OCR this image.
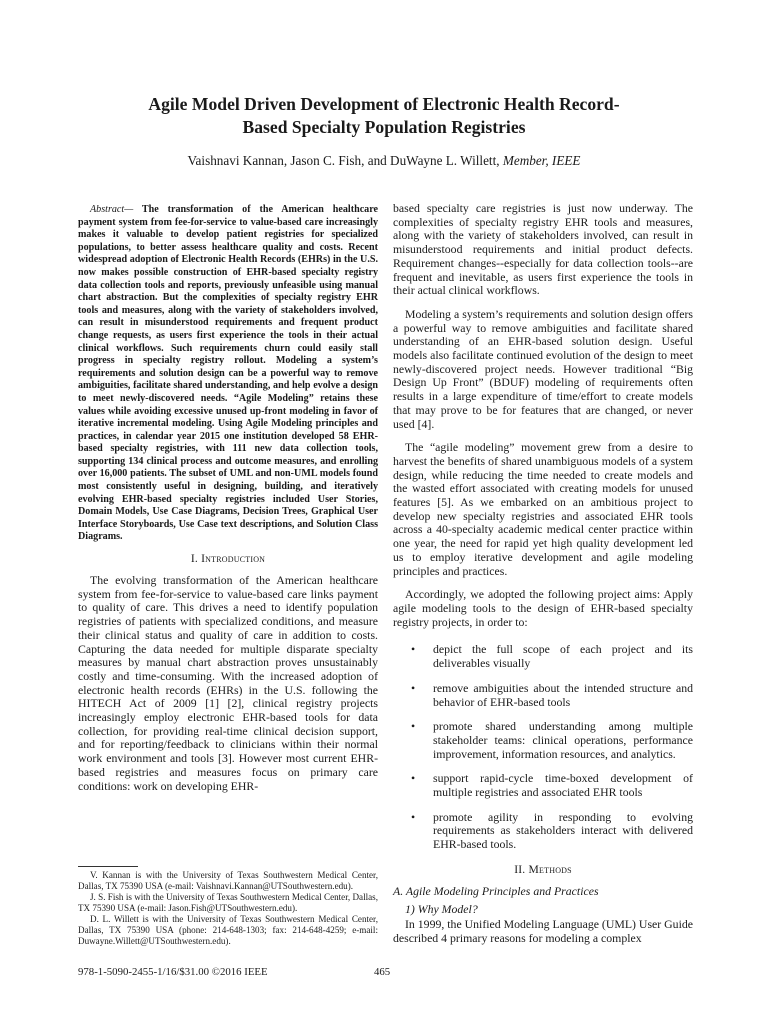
Agile Model Driven Development of Electronic Health Record-
Based Specialty Population Registries
Vaishnavi Kannan, Jason C. Fish, and DuWayne L. Willett, Member, IEEE

Abstract— The transformation of the American healthcare payment system from fee-for-service to value-based care increasingly makes it valuable to develop patient registries for specialized populations, to better assess healthcare quality and costs. Recent widespread adoption of Electronic Health Records (EHRs) in the U.S. now makes possible construction of EHR-based specialty registry data collection tools and reports, previously unfeasible using manual chart abstraction. But the complexities of specialty registry EHR tools and measures, along with the variety of stakeholders involved, can result in misunderstood requirements and frequent product change requests, as users first experience the tools in their actual clinical workflows. Such requirements churn could easily stall progress in specialty registry rollout. Modeling a system’s requirements and solution design can be a powerful way to remove ambiguities, facilitate shared understanding, and help evolve a design to meet newly-discovered needs. “Agile Modeling” retains these values while avoiding excessive unused up-front modeling in favor of iterative incremental modeling. Using Agile Modeling principles and practices, in calendar year 2015 one institution developed 58 EHR-based specialty registries, with 111 new data collection tools, supporting 134 clinical process and outcome measures, and enrolling over 16,000 patients. The subset of UML and non-UML models found most consistently useful in designing, building, and iteratively evolving EHR-based specialty registries included User Stories, Domain Models, Use Case Diagrams, Decision Trees, Graphical User Interface Storyboards, Use Case text descriptions, and Solution Class Diagrams.

I. Introduction

The evolving transformation of the American healthcare system from fee-for-service to value-based care links payment to quality of care. This drives a need to identify population registries of patients with specialized conditions, and measure their clinical status and quality of care in addition to costs. Capturing the data needed for multiple disparate specialty measures by manual chart abstraction proves unsustainably costly and time-consuming. With the increased adoption of electronic health records (EHRs) in the U.S. following the HITECH Act of 2009 [1] [2], clinical registry projects increasingly employ electronic EHR-based tools for data collection, for providing real-time clinical decision support, and for reporting/feedback to clinicians within their normal work environment and tools [3]. However most current EHR-based registries and measures focus on primary care conditions: work on developing EHR-

based specialty care registries is just now underway. The complexities of specialty registry EHR tools and measures, along with the variety of stakeholders involved, can result in misunderstood requirements and initial product defects. Requirement changes--especially for data collection tools--are frequent and inevitable, as users first experience the tools in their actual clinical workflows.

Modeling a system’s requirements and solution design offers a powerful way to remove ambiguities and facilitate shared understanding of an EHR-based solution design. Useful models also facilitate continued evolution of the design to meet newly-discovered project needs. However traditional “Big Design Up Front” (BDUF) modeling of requirements often results in a large expenditure of time/effort to create models that may prove to be for features that are changed, or never used [4].

The “agile modeling” movement grew from a desire to harvest the benefits of shared unambiguous models of a system design, while reducing the time needed to create models and the wasted effort associated with creating models for unused features [5]. As we embarked on an ambitious project to develop new specialty registries and associated EHR tools across a 40-specialty academic medical center practice within one year, the need for rapid yet high quality development led us to employ iterative development and agile modeling principles and practices.

Accordingly, we adopted the following project aims: Apply agile modeling tools to the design of EHR-based specialty registry projects, in order to:

• depict the full scope of each project and its deliverables visually
• remove ambiguities about the intended structure and behavior of EHR-based tools
• promote shared understanding among multiple stakeholder teams: clinical operations, performance improvement, information resources, and analytics.
• support rapid-cycle time-boxed development of multiple registries and associated EHR tools
• promote agility in responding to evolving requirements as stakeholders interact with delivered EHR-based tools.

II. Methods

A. Agile Modeling Principles and Practices

1) Why Model?

In 1999, the Unified Modeling Language (UML) User Guide described 4 primary reasons for modeling a complex

V. Kannan is with the University of Texas Southwestern Medical Center, Dallas, TX 75390 USA (e-mail: Vaishnavi.Kannan@UTSouthwestern.edu).

J. S. Fish is with the University of Texas Southwestern Medical Center, Dallas, TX 75390 USA (e-mail: Jason.Fish@UTSouthwestern.edu).

D. L. Willett is with the University of Texas Southwestern Medical Center, Dallas, TX 75390 USA (phone: 214-648-1303; fax: 214-648-4259; e-mail: Duwayne.Willett@UTSouthwestern.edu).

978-1-5090-2455-1/16/$31.00 ©2016 IEEE	465
